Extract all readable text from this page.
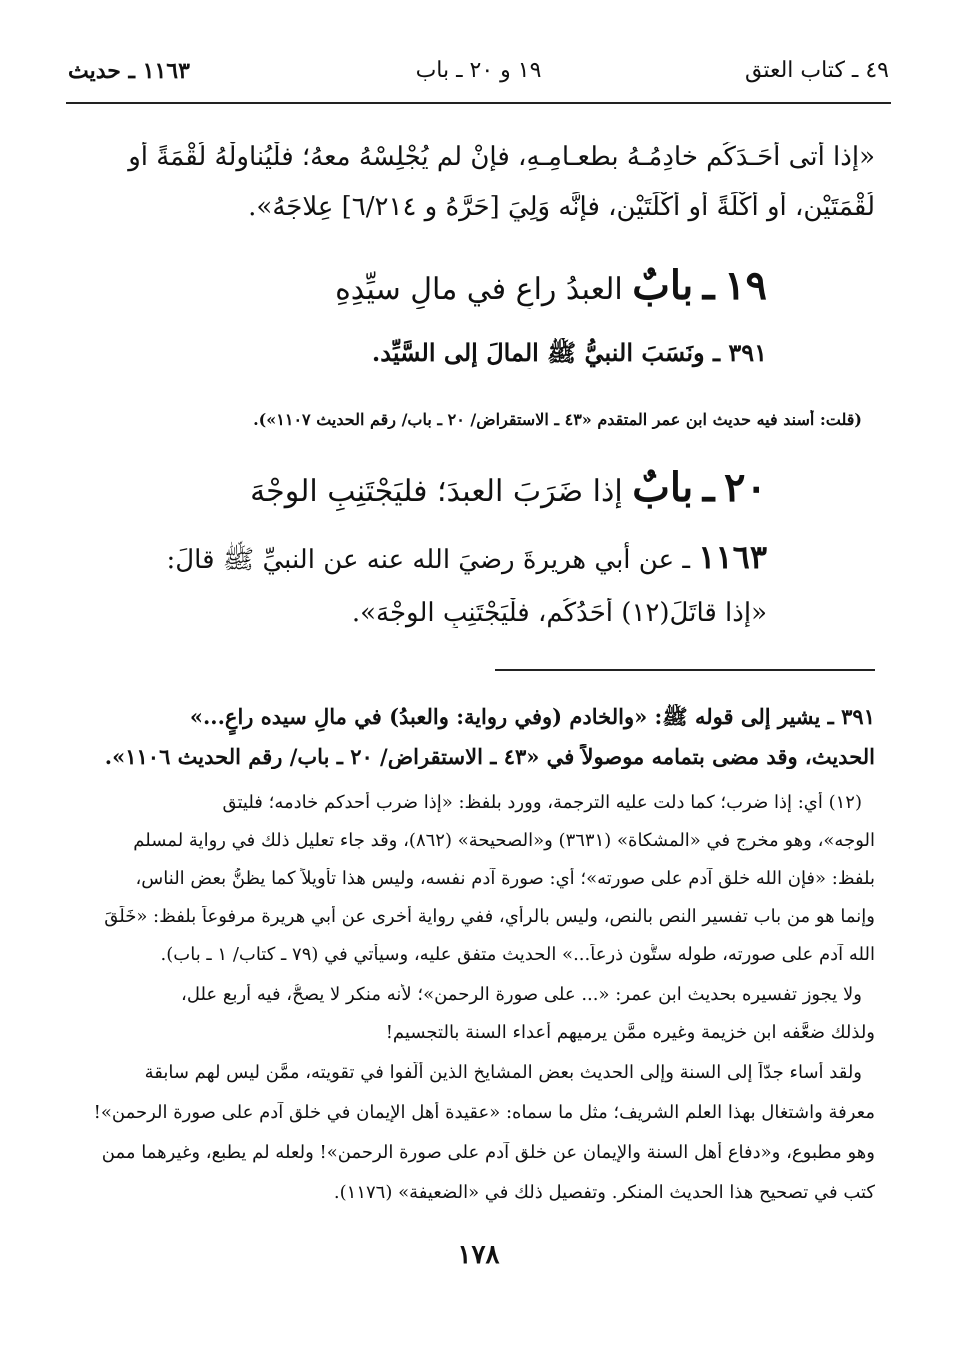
٤٩ ـ كتاب العتق
١٩ و ٢٠ ـ باب
١١٦٣ ـ حديث
«إذا أتى أحَـدَكُم خادِمُـهُ بطعـامِـهِ، فإنْ لم يُجْلِسْهُ معهُ؛ فلْيُناوِلْهُ لُقْمَةً أو
لُقْمَتَيْنِ، أو أُكْلَةً أو أُكْلَتَيْنِ، فإنَّه وَلِيَ [حَرَّهُ و ٦/٢١٤] عِلاجَهُ».
١٩ ـ بابٌ العبدُ راعٍ في مالِ سيِّدِهِ
٣٩١ ـ ونَسَبَ النبيُّ ﷺ المالَ إلى السَّيِّد.
(قلت: أسند فيه حديث ابن عمر المتقدم «٤٣ ـ الاستقراض/ ٢٠ ـ باب/ رقم الحديث ١١٠٧»).
٢٠ ـ بابٌ إذا ضَرَبَ العبدَ؛ فليَجْتَنِبِ الوجْهَ
١١٦٣ ـ عن أبي هريرةَ رضيَ الله عنه عن النبيِّ ﷺ قالَ:
«إذا قاتَلَ(١٢) أحَدُكُم، فلْيَجْتَنِبِ الوجْهَ».
٣٩١ ـ يشير إلى قوله ﷺ: «والخادم (وفي رواية: والعبدُ) في مالِ سيده راعٍ...»
الحديث، وقد مضى بتمامه موصولاً في «٤٣ ـ الاستقراض/ ٢٠ ـ باب/ رقم الحديث ١١٠٦».
(١٢) أي: إذا ضرب؛ كما دلت عليه الترجمة، وورد بلفظ: «إذا ضرب أحدكم خادمه؛ فليتق
الوجه»، وهو مخرج في «المشكاة» (٣٦٣١) و«الصحيحة» (٨٦٢)، وقد جاء تعليل ذلك في رواية لمسلم
بلفظ: «فإن الله خلق آدم على صورته»؛ أي: صورة آدم نفسه، وليس هذا تأويلاً كما يظنُّ بعض الناس،
وإنما هو من باب تفسير النص بالنص، وليس بالرأي، ففي رواية أخرى عن أبي هريرة مرفوعاً بلفظ: «خَلَقَ
الله آدم على صورته، طوله ستُّون ذرعاً...» الحديث متفق عليه، وسيأتي في (٧٩ ـ كتاب/ ١ ـ باب).
ولا يجوز تفسيره بحديث ابن عمر: «... على صورة الرحمن»؛ لأنه منكر لا يصحُّ، فيه أربع علل،
ولذلك ضعَّفه ابن خزيمة وغيره ممَّن يرميهم أعداء السنة بالتجسيم!
ولقد أساء جدّاً إلى السنة وإلى الحديث بعض المشايخ الذين ألَّفوا في تقويته، ممَّن ليس لهم سابقة
معرفة واشتغال بهذا العلم الشريف؛ مثل ما سماه: «عقيدة أهل الإيمان في خلق آدم على صورة الرحمن»!
وهو مطبوع، و«دفاع أهل السنة والإيمان عن خلق آدم على صورة الرحمن»! ولعله لم يطبع، وغيرهما ممن
كتب في تصحيح هذا الحديث المنكر. وتفصيل ذلك في «الضعيفة» (١١٧٦).
١٧٨
